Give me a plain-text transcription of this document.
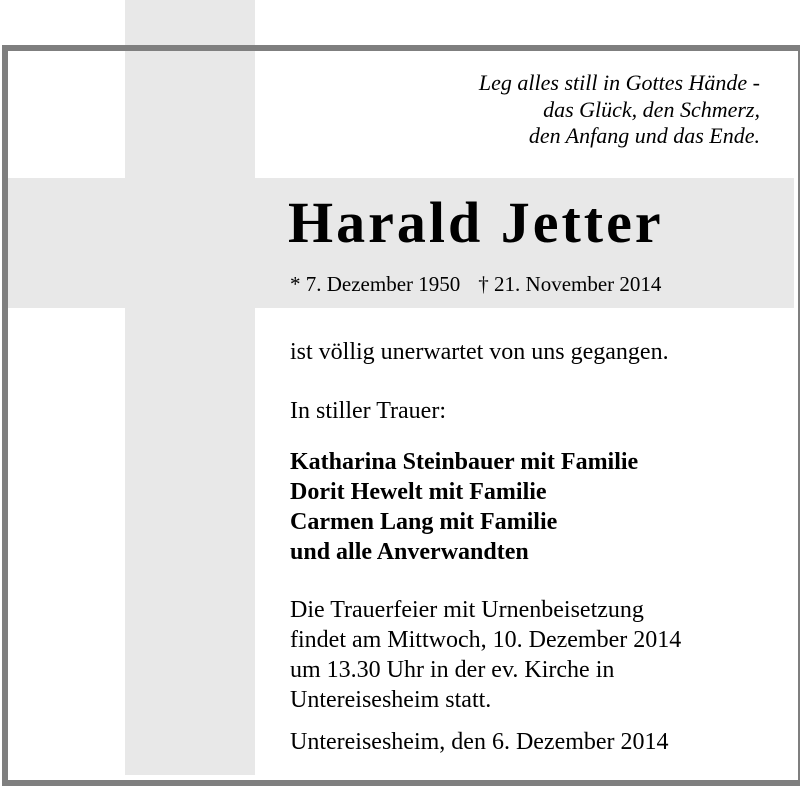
Leg alles still in Gottes Hände -
das Glück, den Schmerz,
den Anfang und das Ende.
Harald Jetter
* 7. Dezember 1950 † 21. November 2014
ist völlig unerwartet von uns gegangen.
In stiller Trauer:
Katharina Steinbauer mit Familie
Dorit Hewelt mit Familie
Carmen Lang mit Familie
und alle Anverwandten
Die Trauerfeier mit Urnenbeisetzung
findet am Mittwoch, 10. Dezember 2014
um 13.30 Uhr in der ev. Kirche in
Untereisesheim statt.
Untereisesheim, den 6. Dezember 2014
